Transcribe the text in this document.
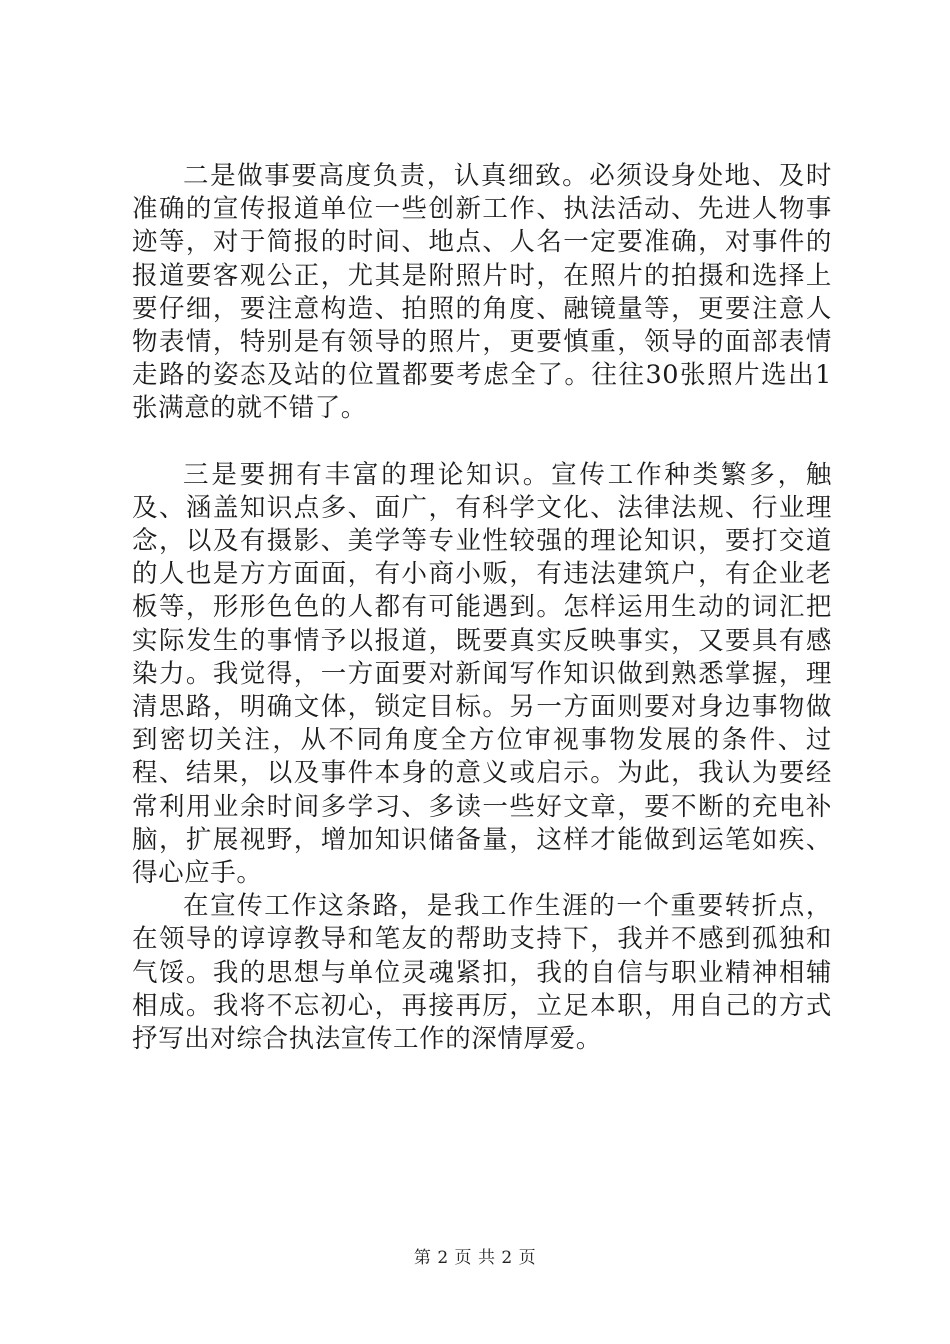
二是做事要高度负责，认真细致。必须设身处地、及时准确的宣传报道单位一些创新工作、执法活动、先进人物事迹等，对于简报的时间、地点、人名一定要准确，对事件的报道要客观公正，尤其是附照片时，在照片的拍摄和选择上要仔细，要注意构造、拍照的角度、融镜量等，更要注意人物表情，特别是有领导的照片，更要慎重，领导的面部表情走路的姿态及站的位置都要考虑全了。往往30张照片选出1张满意的就不错了。

三是要拥有丰富的理论知识。宣传工作种类繁多，触及、涵盖知识点多、面广，有科学文化、法律法规、行业理念，以及有摄影、美学等专业性较强的理论知识，要打交道的人也是方方面面，有小商小贩，有违法建筑户，有企业老板等，形形色色的人都有可能遇到。怎样运用生动的词汇把实际发生的事情予以报道，既要真实反映事实，又要具有感染力。我觉得，一方面要对新闻写作知识做到熟悉掌握，理清思路，明确文体，锁定目标。另一方面则要对身边事物做到密切关注，从不同角度全方位审视事物发展的条件、过程、结果，以及事件本身的意义或启示。为此，我认为要经常利用业余时间多学习、多读一些好文章，要不断的充电补脑，扩展视野，增加知识储备量，这样才能做到运笔如疾、得心应手。

在宣传工作这条路，是我工作生涯的一个重要转折点，在领导的谆谆教导和笔友的帮助支持下，我并不感到孤独和气馁。我的思想与单位灵魂紧扣，我的自信与职业精神相辅相成。我将不忘初心，再接再厉，立足本职，用自己的方式抒写出对综合执法宣传工作的深情厚爱。

第 2 页 共 2 页
